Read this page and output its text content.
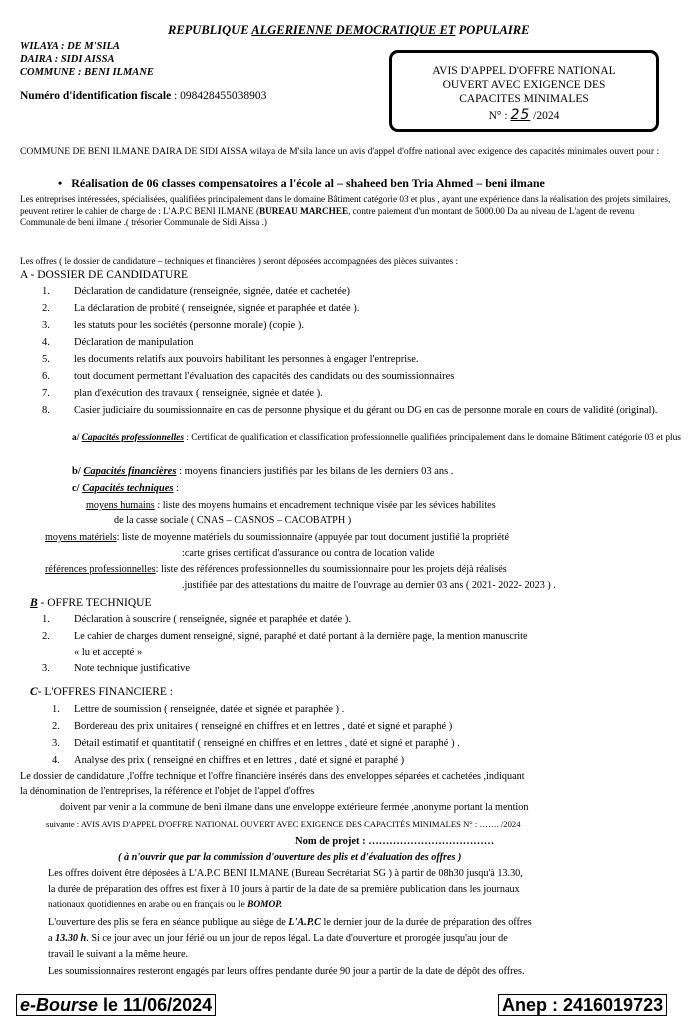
REPUBLIQUE ALGERIENNE DEMOCRATIQUE ET POPULAIRE
WILAYA : DE M'SILA
DAIRA : SIDI AISSA
COMMUNE : BENI ILMANE
Numéro d'identification fiscale : 098428455038903
AVIS D'APPEL D'OFFRE NATIONAL
OUVERT AVEC EXIGENCE DES
CAPACITES MINIMALES
N° : 25 /2024
COMMUNE DE BENI ILMANE DAIRA DE SIDI AISSA wilaya de M'sila lance un avis d'appel d'offre national avec exigence des capacités minimales ouvert pour :
•   Réalisation de 06 classes compensatoires a l'école al – shaheed ben Tria Ahmed – beni ilmane
Les entreprises intéressées, spécialisées, qualifiées principalement dans le domaine Bâtiment catégorie 03 et plus , ayant une expérience dans la réalisation des projets similaires, peuvent retirer le cahier de charge de : L'A.P.C BENI ILMANE (BUREAU MARCHEE, contre paiement d'un montant de 5000.00 Da au niveau de L'agent de revenu Communale de beni ilmane .( trésorier Communale de Sidi Aissa .)
Les offres ( le dossier de candidature – techniques et financières ) seront déposées accompagnées des pièces suivantes :
A - DOSSIER DE CANDIDATURE
1. Déclaration de candidature (renseignée, signée, datée et cachetée)
2. La déclaration de probité ( renseignée, signée et paraphée et datée ).
3. les statuts pour les sociétés (personne morale) (copie ).
4. Déclaration de manipulation
5. les documents relatifs aux pouvoirs habilitant les personnes à engager l'entreprise.
6. tout document permettant l'évaluation des capacités des candidats ou des soumissionnaires
7. plan d'exécution des travaux ( renseignée, signée et datée ).
8. Casier judiciaire du soumissionnaire en cas de personne physique et du gérant ou DG en cas de personne morale en cours de validité (original).
a/ Capacités professionnelles : Certificat de qualification et classification professionnelle qualifiées principalement dans le domaine Bâtiment catégorie 03 et plus
b/ Capacités financières : moyens financiers justifiés par les bilans de les derniers 03 ans .
c/ Capacités techniques :
moyens humains : liste des moyens humains et encadrement technique visée par les sévices habilites
de la casse sociale ( CNAS – CASNOS – CACOBATPH )
moyens matériels: liste de moyenne matériels du soumissionnaire (appuyée par tout document justifié la propriété
:carte grises certificat d'assurance ou contra de location valide
références professionnelles: liste des références professionnelles du soumissionnaire pour les projets déjà réalisés
.justifiée par des attestations du maitre de l'ouvrage au dernier 03 ans ( 2021- 2022- 2023 ) .
B - OFFRE TECHNIQUE
1. Déclaration à souscrire ( renseignée, signée et paraphée et datée ).
2. Le cahier de charges dument renseigné, signé, paraphé et daté portant à la dernière page, la mention manuscrite
« lu et accepté »
3. Note technique justificative
C- L'OFFRES FINANCIERE :
1. Lettre de soumission ( renseignée, datée et signée et paraphée ) .
2. Bordereau des prix unitaires ( renseigné en chiffres et en lettres , daté et signé et paraphé )
3. Détail estimatif et quantitatif ( renseigné en chiffres et en lettres , daté et signé et paraphé ) .
4. Analyse des prix ( renseigné en chiffres et en lettres , daté et signé et paraphé )
Le dossier de candidature ,l'offre technique et l'offre financière insérés dans des enveloppes séparées et cachetées ,indiquant
la dénomination de l'entreprises, la référence et l'objet de l'appel d'offres
doivent par venir a la commune de beni ilmane dans une enveloppe extérieure fermée ,anonyme portant la mention
suivante : AVIS AVIS D'APPEL D'OFFRE NATIONAL OUVERT AVEC EXIGENCE DES CAPACITÉS MINIMALES N° : ……. /2024
Nom de projet : ………………………………
( à n'ouvrir que par la commission d'ouverture des plis et d'évaluation des offres )
Les offres doivent être déposées à L'A.P.C BENI ILMANE (Bureau Secrétariat SG ) à partir de 08h30 jusqu'à 13.30,
la durée de préparation des offres est fixer à 10 jours à partir de la date de sa première publication dans les journaux
nationaux quotidiennes en arabe ou en français ou le BOMOP.
L'ouverture des plis se fera en séance publique au siège de L'A.P.C le dernier jour de la durée de préparation des offres
a 13.30 h. Si ce jour avec un jour férié ou un jour de repos légal. La date d'ouverture et prorogée jusqu'au jour de
travail le suivant a la même heure.
Les soumissionnaires resteront engagés par leurs offres pendante durée 90 jour a partir de la date de dépôt des offres.
e-Bourse le 11/06/2024	Anep : 2416019723
